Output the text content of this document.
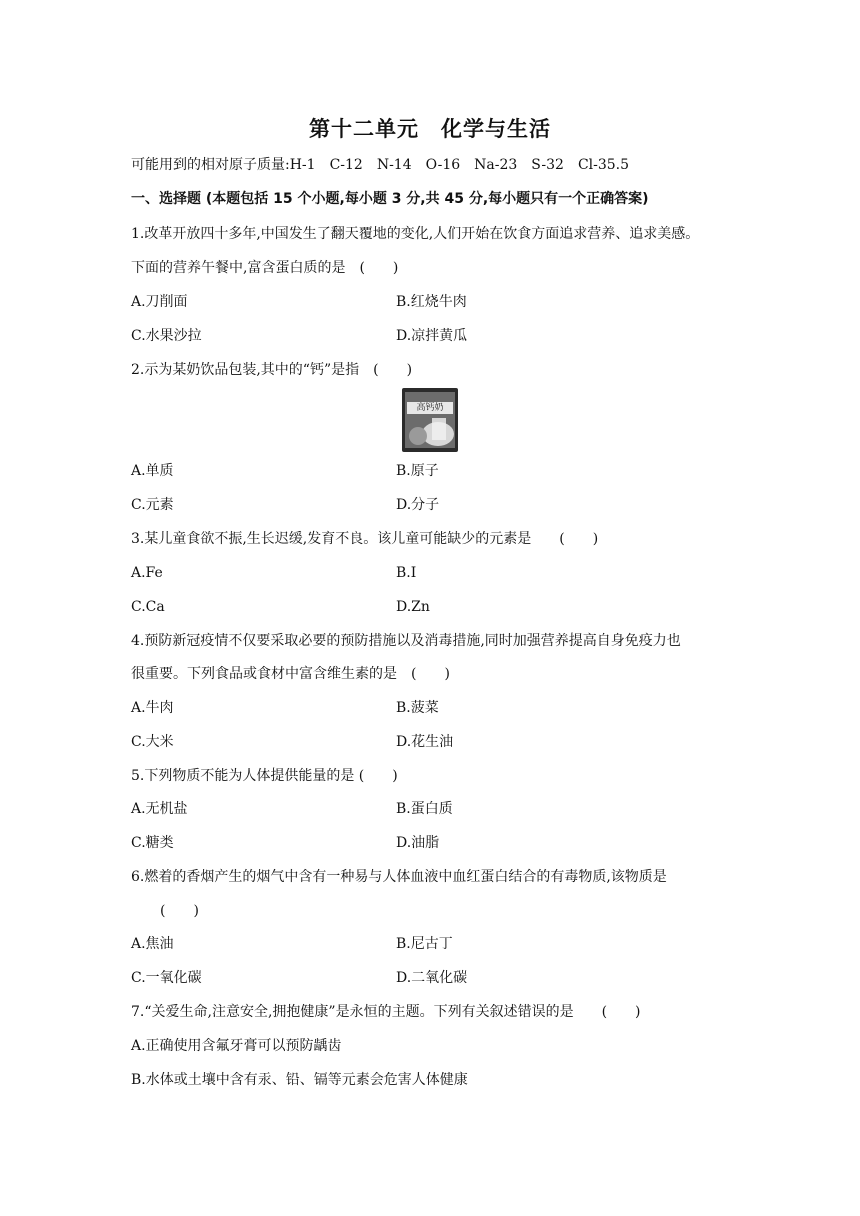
第十二单元　化学与生活
可能用到的相对原子质量:H-1　C-12　N-14　O-16　Na-23　S-32　Cl-35.5
一、选择题 (本题包括 15 个小题,每小题 3 分,共 45 分,每小题只有一个正确答案)
1.改革开放四十多年,中国发生了翻天覆地的变化,人们开始在饮食方面追求营养、追求美感。
下面的营养午餐中,富含蛋白质的是　(　　)
A.刀削面	B.红烧牛肉
C.水果沙拉	D.凉拌黄瓜
2.示为某奶饮品包装,其中的“钙”是指　(　　)
高钙奶
A.单质	B.原子
C.元素	D.分子
3.某儿童食欲不振,生长迟缓,发育不良。该儿童可能缺少的元素是　　(　　)
A.Fe	B.I
C.Ca	D.Zn
4.预防新冠疫情不仅要采取必要的预防措施以及消毒措施,同时加强营养提高自身免疫力也
很重要。下列食品或食材中富含维生素的是　(　　)
A.牛肉	B.菠菜
C.大米	D.花生油
5.下列物质不能为人体提供能量的是 (　　)
A.无机盐	B.蛋白质
C.糖类	D.油脂
6.燃着的香烟产生的烟气中含有一种易与人体血液中血红蛋白结合的有毒物质,该物质是
(　　)
A.焦油	B.尼古丁
C.一氧化碳	D.二氧化碳
7.“关爱生命,注意安全,拥抱健康”是永恒的主题。下列有关叙述错误的是　　(　　)
A.正确使用含氟牙膏可以预防龋齿
B.水体或土壤中含有汞、铅、镉等元素会危害人体健康
